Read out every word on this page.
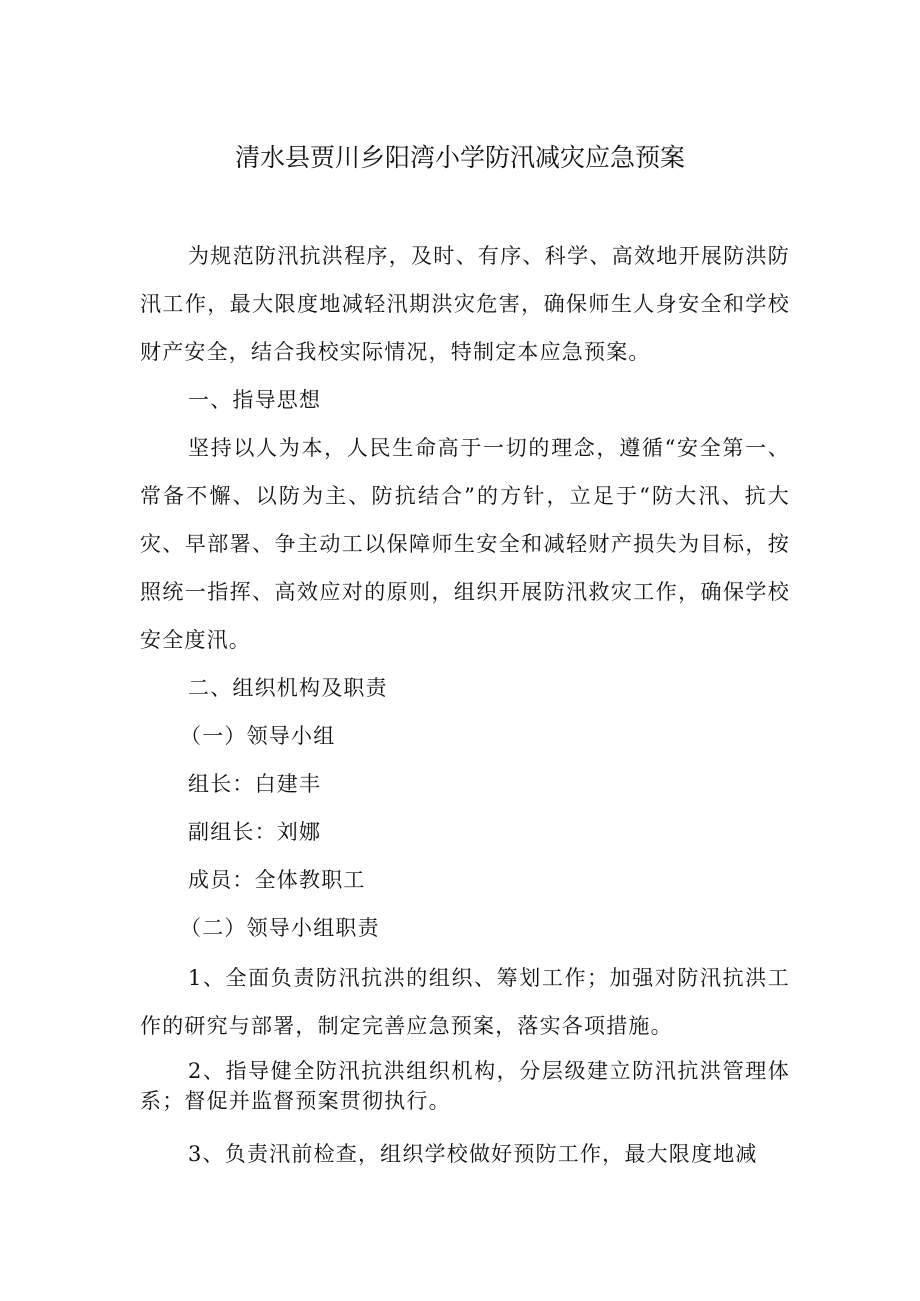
清水县贾川乡阳湾小学防汛减灾应急预案

为规范防汛抗洪程序，及时、有序、科学、高效地开展防洪防汛工作，最大限度地减轻汛期洪灾危害，确保师生人身安全和学校财产安全，结合我校实际情况，特制定本应急预案。

一、指导思想

坚持以人为本，人民生命高于一切的理念，遵循“安全第一、常备不懈、以防为主、防抗结合”的方针，立足于“防大汛、抗大灾、早部署、争主动工以保障师生安全和减轻财产损失为目标，按照统一指挥、高效应对的原则，组织开展防汛救灾工作，确保学校安全度汛。

二、组织机构及职责

（一）领导小组

组长：白建丰

副组长：刘娜

成员：全体教职工

（二）领导小组职责

1、全面负责防汛抗洪的组织、筹划工作；加强对防汛抗洪工作的研究与部署，制定完善应急预案，落实各项措施。

2、指导健全防汛抗洪组织机构，分层级建立防汛抗洪管理体系；督促并监督预案贯彻执行。

3、负责汛前检查，组织学校做好预防工作，最大限度地减
